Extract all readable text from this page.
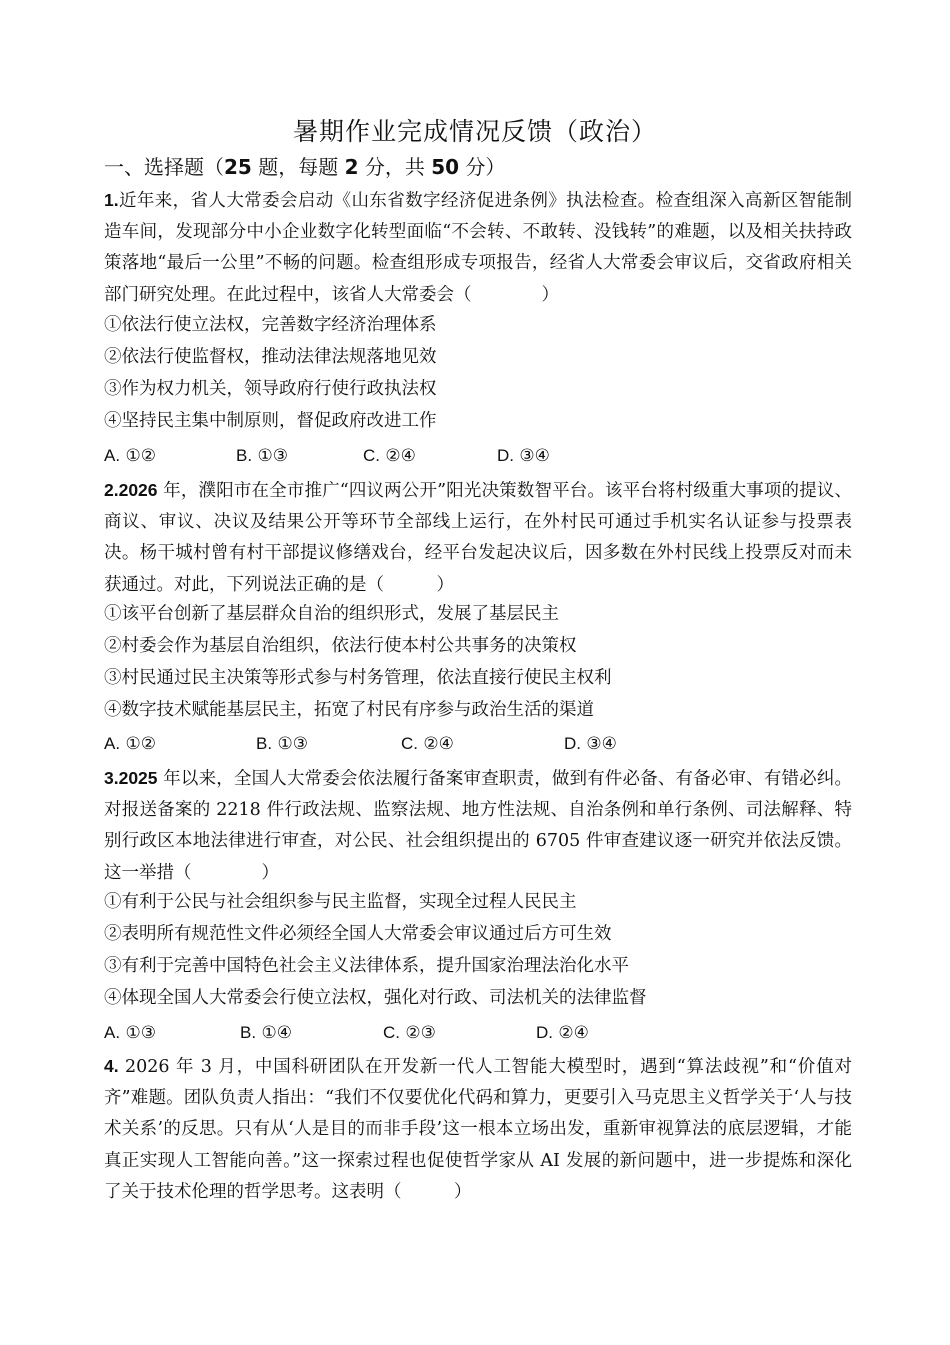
暑期作业完成情况反馈（政治）
一、选择题（25 题，每题 2 分，共 50 分）
1.近年来，省人大常委会启动《山东省数字经济促进条例》执法检查。检查组深入高新区智能制造车间，发现部分中小企业数字化转型面临“不会转、不敢转、没钱转”的难题，以及相关扶持政策落地“最后一公里”不畅的问题。检查组形成专项报告，经省人大常委会审议后，交省政府相关部门研究处理。在此过程中，该省人大常委会（　　　　）
①依法行使立法权，完善数字经济治理体系
②依法行使监督权，推动法律法规落地见效
③作为权力机关，领导政府行使行政执法权
④坚持民主集中制原则，督促政府改进工作
A. ①②	B. ①③	C. ②④	D. ③④
2.2026 年，濮阳市在全市推广“四议两公开”阳光决策数智平台。该平台将村级重大事项的提议、商议、审议、决议及结果公开等环节全部线上运行，在外村民可通过手机实名认证参与投票表决。杨干城村曾有村干部提议修缮戏台，经平台发起决议后，因多数在外村民线上投票反对而未获通过。对此，下列说法正确的是（　　　）
①该平台创新了基层群众自治的组织形式，发展了基层民主
②村委会作为基层自治组织，依法行使本村公共事务的决策权
③村民通过民主决策等形式参与村务管理，依法直接行使民主权利
④数字技术赋能基层民主，拓宽了村民有序参与政治生活的渠道
A. ①②	B. ①③	C. ②④	D. ③④
3.2025 年以来，全国人大常委会依法履行备案审查职责，做到有件必备、有备必审、有错必纠。对报送备案的 2218 件行政法规、监察法规、地方性法规、自治条例和单行条例、司法解释、特别行政区本地法律进行审查，对公民、社会组织提出的 6705 件审查建议逐一研究并依法反馈。这一举措（　　　　）
①有利于公民与社会组织参与民主监督，实现全过程人民民主
②表明所有规范性文件必须经全国人大常委会审议通过后方可生效
③有利于完善中国特色社会主义法律体系，提升国家治理法治化水平
④体现全国人大常委会行使立法权，强化对行政、司法机关的法律监督
A. ①③	B. ①④	C. ②③	D. ②④
4. 2026 年 3 月，中国科研团队在开发新一代人工智能大模型时，遇到“算法歧视”和“价值对齐”难题。团队负责人指出：“我们不仅要优化代码和算力，更要引入马克思主义哲学关于‘人与技术关系’的反思。只有从‘人是目的而非手段’这一根本立场出发，重新审视算法的底层逻辑，才能真正实现人工智能向善。”这一探索过程也促使哲学家从 AI 发展的新问题中，进一步提炼和深化了关于技术伦理的哲学思考。这表明（　　　）
